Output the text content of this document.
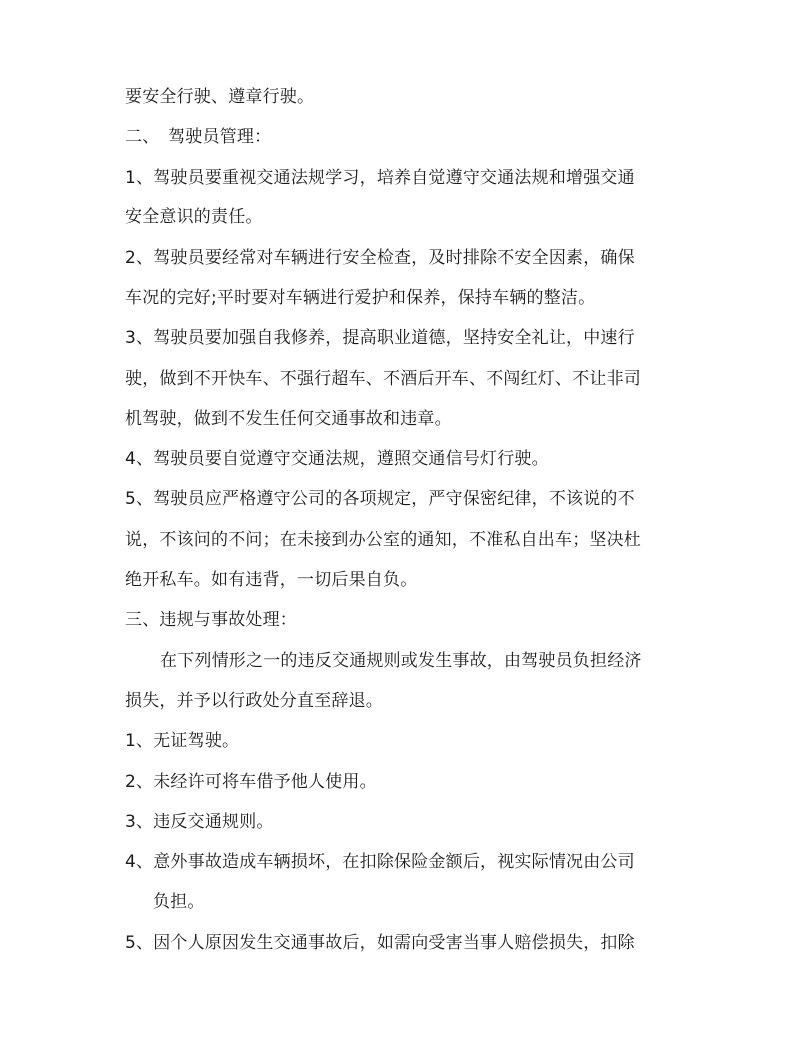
要安全行驶、遵章行驶。
二、　驾驶员管理：
1、驾驶员要重视交通法规学习，培养自觉遵守交通法规和增强交通
安全意识的责任。
2、驾驶员要经常对车辆进行安全检查，及时排除不安全因素，确保
车况的完好;平时要对车辆进行爱护和保养，保持车辆的整洁。
3、驾驶员要加强自我修养，提高职业道德，坚持安全礼让，中速行
驶，做到不开快车、不强行超车、不酒后开车、不闯红灯、不让非司
机驾驶，做到不发生任何交通事故和违章。
4、驾驶员要自觉遵守交通法规，遵照交通信号灯行驶。
5、驾驶员应严格遵守公司的各项规定，严守保密纪律，不该说的不
说，不该问的不问；在未接到办公室的通知，不准私自出车；坚决杜
绝开私车。如有违背，一切后果自负。
三、违规与事故处理：
在下列情形之一的违反交通规则或发生事故，由驾驶员负担经济
损失，并予以行政处分直至辞退。
1、无证驾驶。
2、未经许可将车借予他人使用。
3、违反交通规则。
4、意外事故造成车辆损坏，在扣除保险金额后，视实际情况由公司
负担。
5、因个人原因发生交通事故后，如需向受害当事人赔偿损失，扣除
